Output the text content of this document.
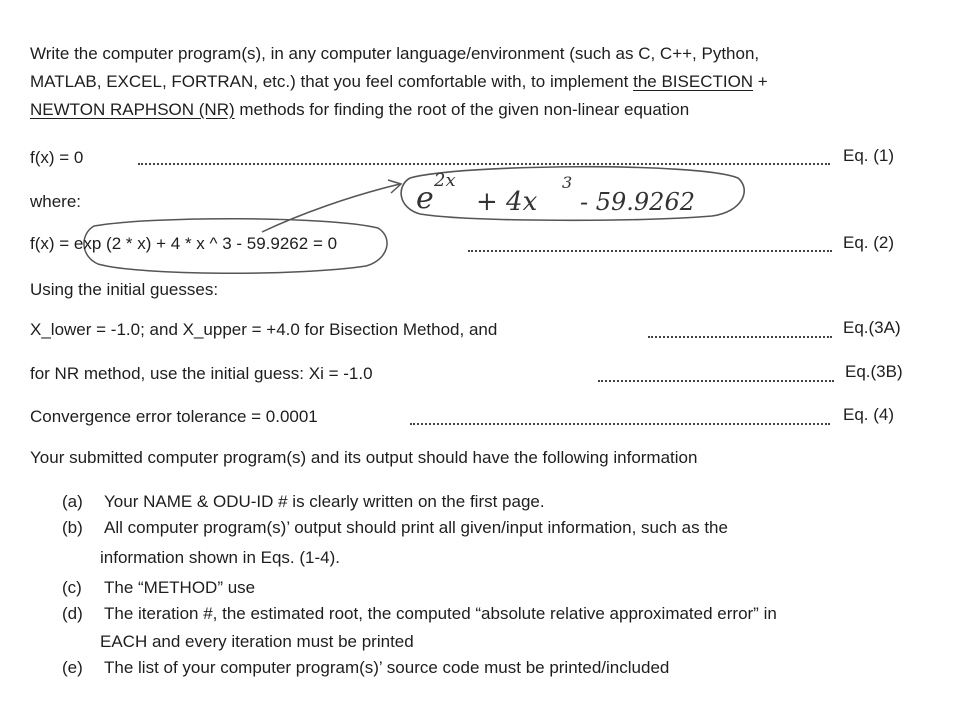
Write the computer program(s), in any computer language/environment (such as C, C++, Python,
MATLAB, EXCEL, FORTRAN, etc.) that you feel comfortable with, to implement the BISECTION +
NEWTON RAPHSON (NR) methods for finding the root of the given non-linear equation
f(x) = 0	Eq. (1)
where:	e
2x
+ 4x
3
- 59.9262
f(x) = exp (2 * x) + 4 * x ^ 3 - 59.9262 = 0	Eq. (2)
Using the initial guesses:
X_lower = -1.0; and X_upper = +4.0 for Bisection Method, and	Eq.(3A)
for NR method, use the initial guess: Xi = -1.0	Eq.(3B)
Convergence error tolerance = 0.0001	Eq. (4)
Your submitted computer program(s) and its output should have the following information
(a) Your NAME & ODU-ID # is clearly written on the first page.
(b) All computer program(s)’ output should print all given/input information, such as the
information shown in Eqs. (1-4).
(c) The “METHOD” use
(d) The iteration #, the estimated root, the computed “absolute relative approximated error” in
EACH and every iteration must be printed
(e) The list of your computer program(s)’ source code must be printed/included
